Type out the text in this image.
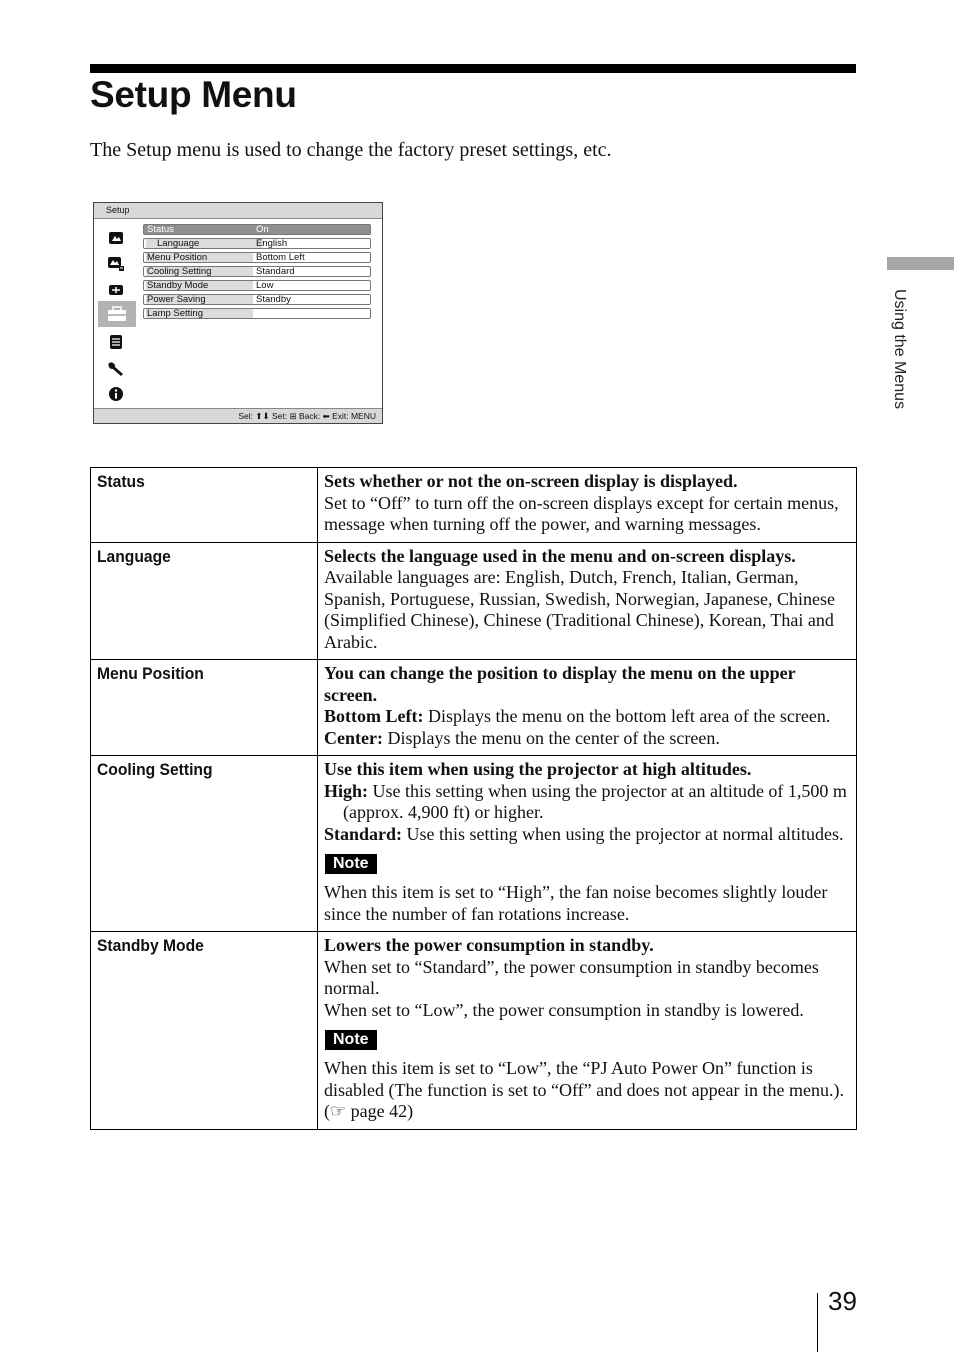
Setup Menu

The Setup menu is used to change the factory preset settings, etc.

Setup
Status	On
Language	English
Menu Position	Bottom Left
Cooling Setting	Standard
Standby Mode	Low
Power Saving	Standby
Lamp Setting
Sel: ⬆⬇ Set: ⊞ Back: ⬅ Exit: MENU
Using the Menus
Status	Sets whether or not the on-screen display is displayed.
Set to “Off” to turn off the on-screen displays except for certain menus, message when turning off the power, and warning messages.

Language	Selects the language used in the menu and on-screen displays.
Available languages are: English, Dutch, French, Italian, German, Spanish, Portuguese, Russian, Swedish, Norwegian, Japanese, Chinese (Simplified Chinese), Chinese (Traditional Chinese), Korean, Thai and Arabic.

Menu Position	You can change the position to display the menu on the upper screen.
Bottom Left: Displays the menu on the bottom left area of the screen.
Center: Displays the menu on the center of the screen.

Cooling Setting	Use this item when using the projector at high altitudes.
High: Use this setting when using the projector at an altitude of 1,500 m (approx. 4,900 ft) or higher.
Standard: Use this setting when using the projector at normal altitudes.
Note
When this item is set to “High”, the fan noise becomes slightly louder since the number of fan rotations increase.

Standby Mode	Lowers the power consumption in standby.
When set to “Standard”, the power consumption in standby becomes normal.
When set to “Low”, the power consumption in standby is lowered.
Note
When this item is set to “Low”, the “PJ Auto Power On” function is disabled (The function is set to “Off” and does not appear in the menu.). (☞ page 42)
39
